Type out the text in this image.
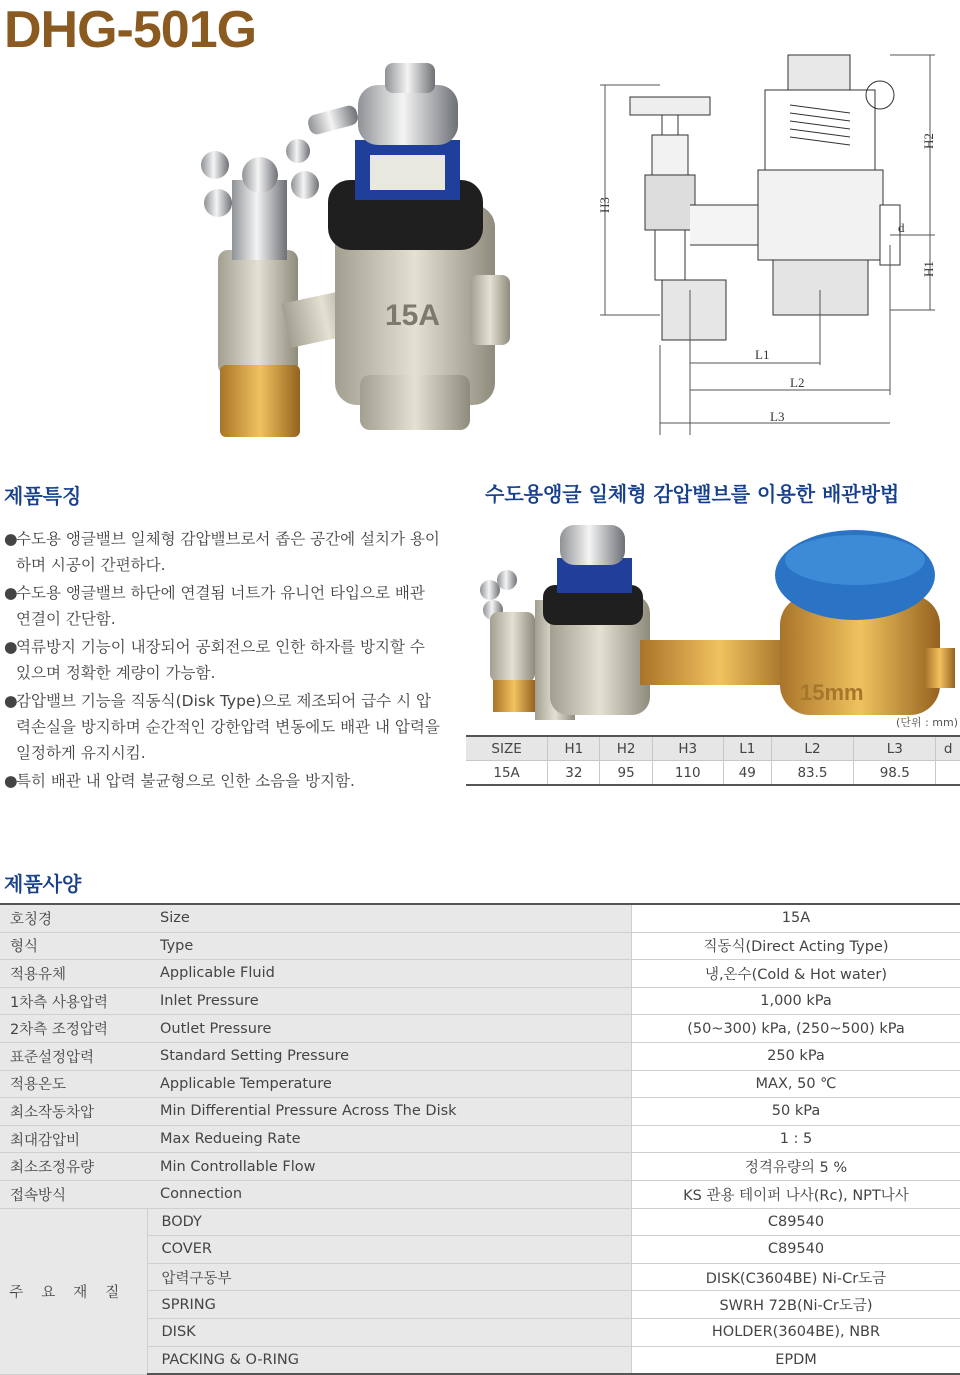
DHG-501G
15A
H3
H2
H1
d
L1
L2
L3
제품특징	수도용앵글 일체형 감압밸브를 이용한 배관방법
●
수도용 앵글밸브 일체형 감압밸브로서 좁은 공간에 설치가 용이하며 시공이 간편하다.
●
수도용 앵글밸브 하단에 연결됨 너트가 유니언 타입으로 배관 연결이 간단함.
●
역류방지 기능이 내장되어 공회전으로 인한 하자를 방지할 수 있으며 정확한 계량이 가능함.
●
감압밸브 기능을 직동식(Disk Type)으로 제조되어 급수 시 압력손실을 방지하며 순간적인 강한압력 변동에도 배관 내 압력을 일정하게 유지시킴.
●
특히 배관 내 압력 불균형으로 인한 소음을 방지함.
15mm
(단위 : mm)
SIZE	H1	H2	H3	L1	L2	L3	d
15A	32	95	110	49	83.5	98.5	
제품사양
호칭경	Size	15A

형식	Type	직동식(Direct Acting Type)

적용유체	Applicable Fluid	냉,온수(Cold & Hot water)

1차측 사용압력	Inlet Pressure	1,000 kPa

2차측 조정압력	Outlet Pressure	(50~300) kPa, (250~500) kPa

표준설정압력	Standard Setting Pressure	250 kPa

적용온도	Applicable Temperature	MAX, 50 ℃

최소작동차압	Min Differential Pressure Across The Disk	50 kPa

최대감압비	Max Redueing Rate	1 : 5

최소조정유량	Min Controllable Flow	정격유량의 5 %

접속방식	Connection	KS 관용 테이퍼 나사(Rc), NPT나사
주요재질	BODY	C89540
	COVER	C89540
	압력구동부	DISK(C3604BE) Ni-Cr도금
	SPRING	SWRH 72B(Ni-Cr도금)
	DISK	HOLDER(3604BE), NBR
	PACKING & O-RING	EPDM
